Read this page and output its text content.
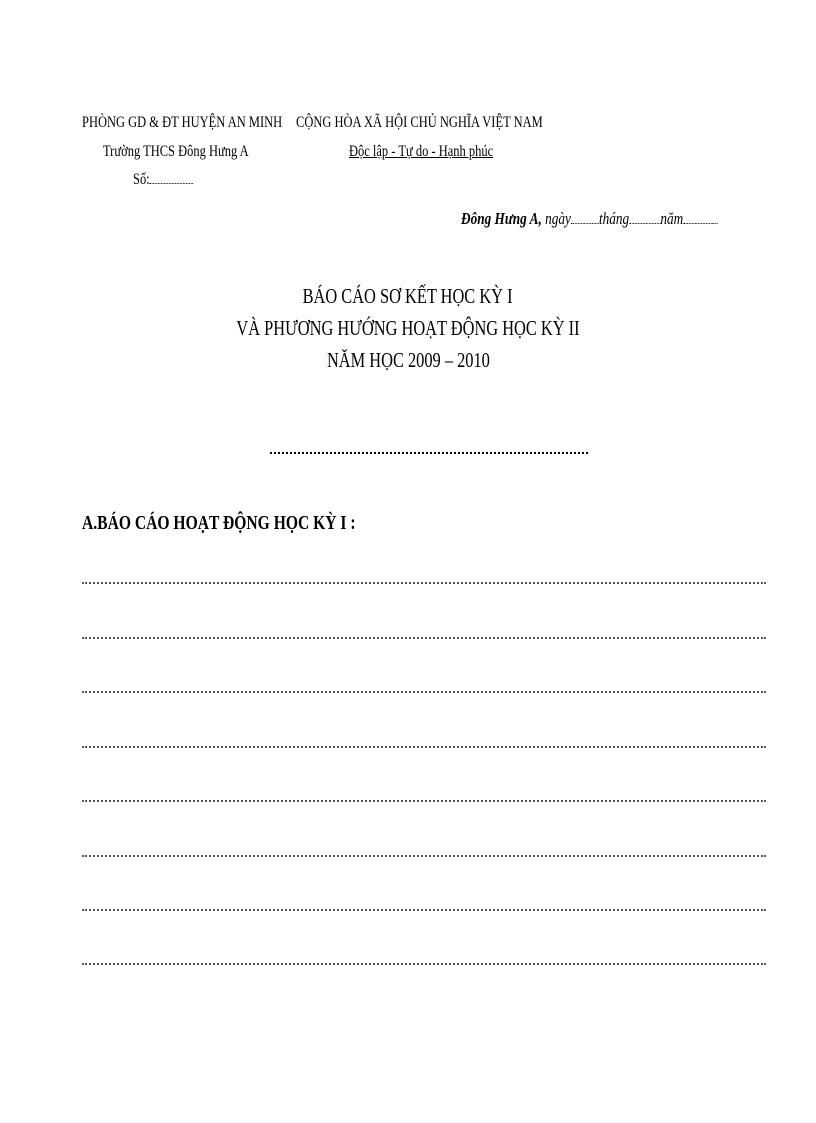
PHÒNG GD & ĐT HUYỆN AN MINH
Trường THCS Đông Hưng A
Số:
CỘNG HÒA XÃ HỘI CHỦ NGHĨA VIỆT NAM
Độc lập - Tự do - Hạnh phúc
Đông Hưng A, ngày tháng năm
BÁO CÁO SƠ KẾT HỌC KỲ I
VÀ PHƯƠNG HƯỚNG HOẠT ĐỘNG HỌC KỲ II
NĂM HỌC 2009 – 2010
A.BÁO CÁO HOẠT ĐỘNG HỌC KỲ I :
